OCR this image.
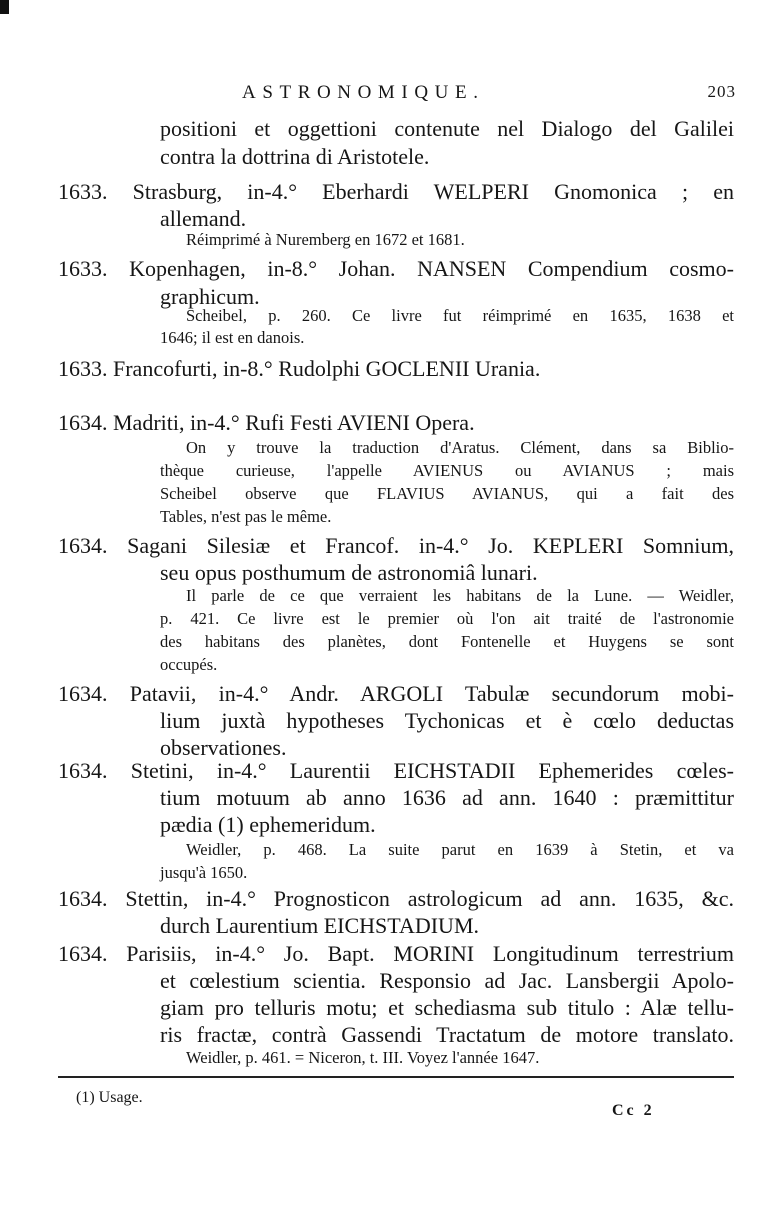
ASTRONOMIQUE.	203
positioni et oggettioni contenute nel Dialogo del Galilei
contra la dottrina di Aristotele.
1633. Strasburg, in-4.° Eberhardi WELPERI Gnomonica ; en
allemand.
Réimprimé à Nuremberg en 1672 et 1681.
1633. Kopenhagen, in-8.° Johan. NANSEN Compendium cosmo-
graphicum.
Scheibel, p. 260. Ce livre fut réimprimé en 1635, 1638 et
1646; il est en danois.
1633. Francofurti, in-8.° Rudolphi GOCLENII Urania.
1634. Madriti, in-4.° Rufi Festi AVIENI Opera.
On y trouve la traduction d'Aratus. Clément, dans sa Biblio-
thèque curieuse, l'appelle AVIENUS ou AVIANUS ; mais
Scheibel observe que FLAVIUS AVIANUS, qui a fait des
Tables, n'est pas le même.
1634. Sagani Silesiæ et Francof. in-4.° Jo. KEPLERI Somnium,
seu opus posthumum de astronomiâ lunari.
Il parle de ce que verraient les habitans de la Lune. — Weidler,
p. 421. Ce livre est le premier où l'on ait traité de l'astronomie
des habitans des planètes, dont Fontenelle et Huygens se sont
occupés.
1634. Patavii, in-4.° Andr. ARGOLI Tabulæ secundorum mobi-
lium juxtà hypotheses Tychonicas et è cœlo deductas
observationes.
1634. Stetini, in-4.° Laurentii EICHSTADII Ephemerides cœles-
tium motuum ab anno 1636 ad ann. 1640 : præmittitur
pædia (1) ephemeridum.
Weidler, p. 468. La suite parut en 1639 à Stetin, et va
jusqu'à 1650.
1634. Stettin, in-4.° Prognosticon astrologicum ad ann. 1635, &c.
durch Laurentium EICHSTADIUM.
1634. Parisiis, in-4.° Jo. Bapt. MORINI Longitudinum terrestrium
et cœlestium scientia. Responsio ad Jac. Lansbergii Apolo-
giam pro telluris motu; et schediasma sub titulo : Alæ tellu-
ris fractæ, contrà Gassendi Tractatum de motore translato.
Weidler, p. 461. = Niceron, t. III. Voyez l'année 1647.
(1) Usage.
Cc 2
